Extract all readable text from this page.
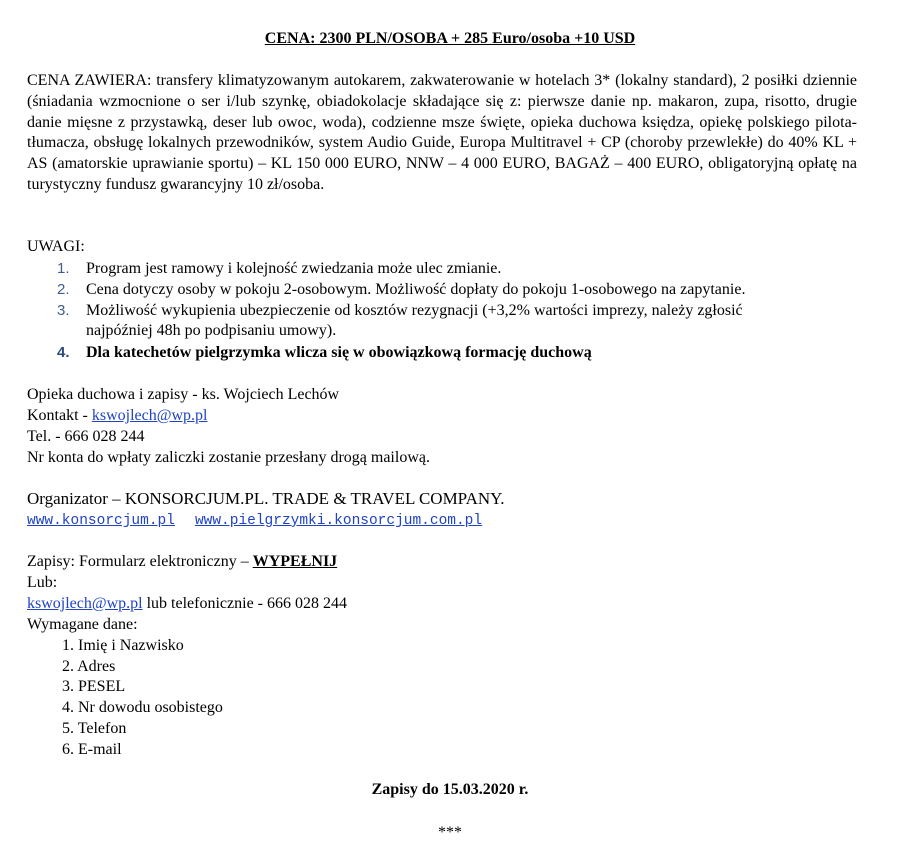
CENA: 2300 PLN/OSOBA + 285 Euro/osoba +10 USD
CENA ZAWIERA: transfery klimatyzowanym autokarem, zakwaterowanie w hotelach 3* (lokalny standard), 2 posiłki dziennie (śniadania wzmocnione o ser i/lub szynkę, obiadokolacje składające się z: pierwsze danie np. makaron, zupa, risotto, drugie danie mięsne z przystawką, deser lub owoc, woda), codzienne msze święte, opieka duchowa księdza, opiekę polskiego pilota-tłumacza, obsługę lokalnych przewodników, system Audio Guide, Europa Multitravel + CP (choroby przewlekłe) do 40% KL + AS (amatorskie uprawianie sportu) – KL 150 000 EURO, NNW – 4 000 EURO, BAGAŻ – 400 EURO, obligatoryjną opłatę na turystyczny fundusz gwarancyjny 10 zł/osoba.
UWAGI:
1. Program jest ramowy i kolejność zwiedzania może ulec zmianie.
2. Cena dotyczy osoby w pokoju 2-osobowym. Możliwość dopłaty do pokoju 1-osobowego na zapytanie.
3. Możliwość wykupienia ubezpieczenie od kosztów rezygnacji (+3,2% wartości imprezy, należy zgłosić
najpóźniej 48h po podpisaniu umowy).
4. Dla katechetów pielgrzymka wlicza się w obowiązkową formację duchową
Opieka duchowa i zapisy - ks. Wojciech Lechów
Kontakt - kswojlech@wp.pl
Tel. - 666 028 244
Nr konta do wpłaty zaliczki zostanie przesłany drogą mailową.
Organizator – KONSORCJUM.PL. TRADE & TRAVEL COMPANY.
www.konsorcjum.pl www.pielgrzymki.konsorcjum.com.pl
Zapisy: Formularz elektroniczny – WYPEŁNIJ
Lub:
kswojlech@wp.pl lub telefonicznie - 666 028 244
Wymagane dane:
1. Imię i Nazwisko
2. Adres
3. PESEL
4. Nr dowodu osobistego
5. Telefon
6. E-mail
Zapisy do 15.03.2020 r.
***
